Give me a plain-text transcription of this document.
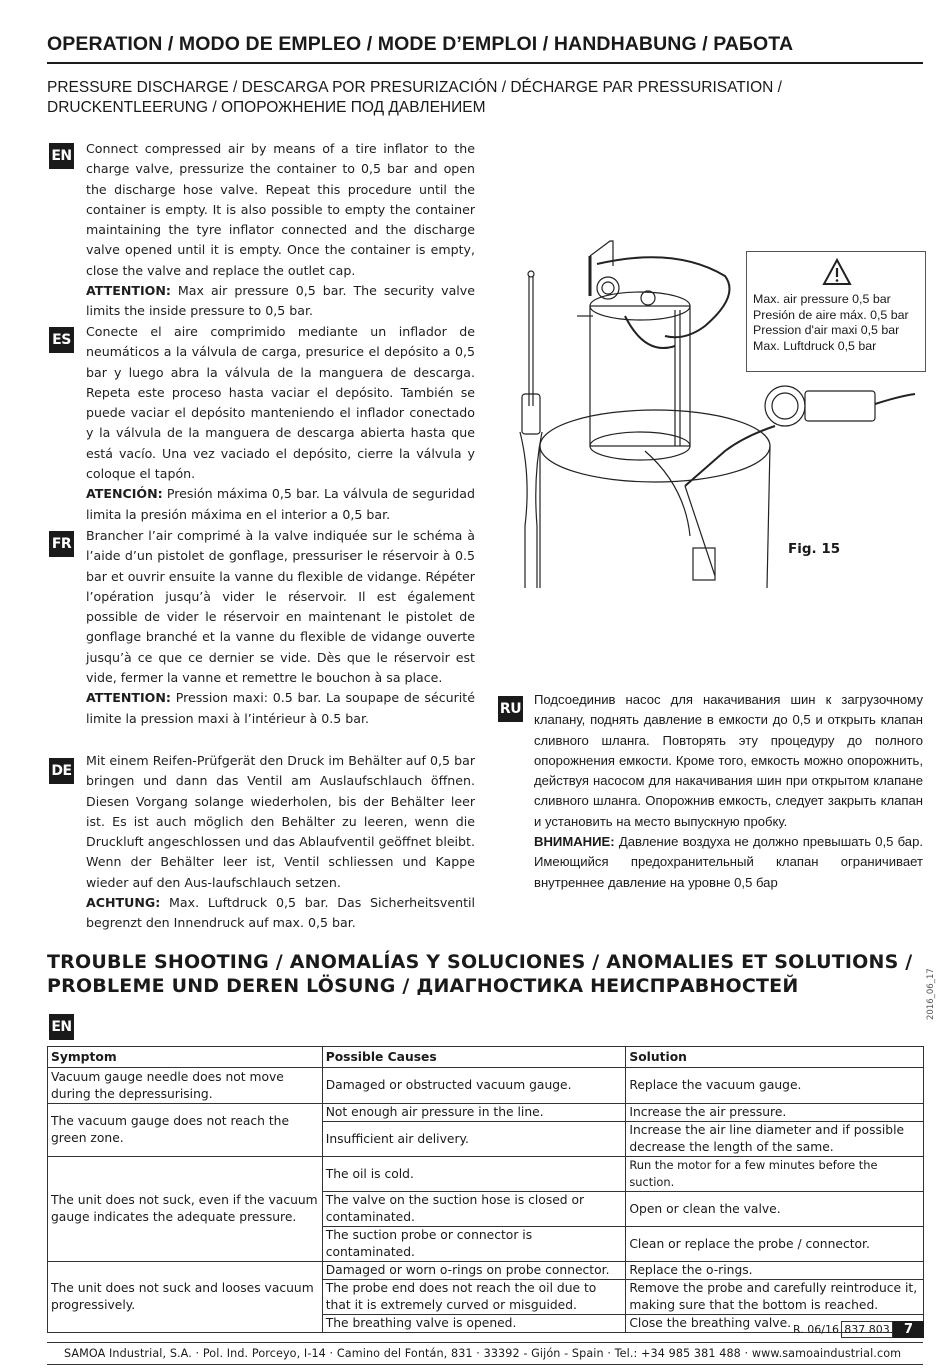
OPERATION / MODO DE EMPLEO / MODE D’EMPLOI / HANDHABUNG / РАБОТА
PRESSURE DISCHARGE / DESCARGA POR PRESURIZACIÓN / DÉCHARGE PAR PRESSURISATION /
DRUCKENTLEERUNG / ОПОРОЖНЕНИЕ ПОД ДАВЛЕНИЕМ
EN Connect compressed air by means of a tire inflator to the charge valve, pressurize the container to 0,5 bar and open the discharge hose valve. Repeat this procedure until the container is empty. It is also possible to empty the container maintaining the tyre inflator connected and the discharge valve opened until it is empty. Once the container is empty, close the valve and replace the outlet cap.
ATTENTION: Max air pressure 0,5 bar. The security valve limits the inside pressure to 0,5 bar.
ES
Conecte el aire comprimido mediante un inflador de neumáticos a la válvula de carga, presurice el depósito a 0,5 bar y luego abra la válvula de la manguera de descarga. Repeta este proceso hasta vaciar el depósito. También se puede vaciar el depósito manteniendo el inflador conectado y la válvula de la manguera de descarga abierta hasta que está vacío. Una vez vaciado el depósito, cierre la válvula y coloque el tapón.
ATENCIÓN: Presión máxima 0,5 bar. La válvula de seguridad limita la presión máxima en el interior a 0,5 bar.
FR
Brancher l’air comprimé à la valve indiquée sur le schéma à l’aide d’un pistolet de gonflage, pressuriser le réservoir à 0.5 bar et ouvrir ensuite la vanne du flexible de vidange. Répéter l’opération jusqu’à vider le réservoir. Il est également possible de vider le réservoir en maintenant le pistolet de gonflage branché et la vanne du flexible de vidange ouverte jusqu’à ce que ce dernier se vide. Dès que le réservoir est vide, fermer la vanne et remettre le bouchon à sa place.
ATTENTION: Pression maxi: 0.5 bar. La soupape de sécurité limite la pression maxi à l’intérieur à 0.5 bar.
DE
Mit einem Reifen-Prüfgerät den Druck im Behälter auf 0,5 bar bringen und dann das Ventil am Auslaufschlauch öffnen. Diesen Vorgang solange wiederholen, bis der Behälter leer ist. Es ist auch möglich den Behälter zu leeren, wenn die Druckluft angeschlossen und das Ablaufventil geöffnet bleibt. Wenn der Behälter leer ist, Ventil schliessen und Kappe wieder auf den Aus-laufschlauch setzen.
ACHTUNG: Max. Luftdruck 0,5 bar. Das Sicherheitsventil begrenzt den Innendruck auf max. 0,5 bar.
RU
Подсоединив насос для накачивания шин к загрузочному клапану, поднять давление в емкости до 0,5 и открыть клапан сливного шланга. Повторять эту процедуру до полного опорожнения емкости. Кроме того, емкость можно опорожнить, действуя насосом для накачивания шин при открытом клапане сливного шланга. Опорожнив емкость, следует закрыть клапан и установить на место выпускную пробку.
ВНИМАНИЕ: Давление воздуха не должно превышать 0,5 бар. Имеющийся предохранительный клапан ограничивает внутреннее давление на уровне 0,5 бар
Max. air pressure 0,5 bar
Presión de aire máx. 0,5 bar
Pression d'air maxi 0,5 bar
Max. Luftdruck 0,5 bar
Fig. 15
TROUBLE SHOOTING / ANOMALÍAS Y SOLUCIONES / ANOMALIES ET SOLUTIONS /
PROBLEME UND DEREN LÖSUNG / ДИАГНОСТИКА НЕИСПРАВНОСТЕЙ
EN
Symptom	Possible Causes	Solution
Vacuum gauge needle does not move during the depressurising.	Damaged or obstructed vacuum gauge.	Replace the vacuum gauge.
The vacuum gauge does not reach the green zone.	Not enough air pressure in the line.	Increase the air pressure.
	Insufficient air delivery.	Increase the air line diameter and if possible decrease the length of the same.
The unit does not suck, even if the vacuum gauge indicates the adequate pressure.	The oil is cold.	Run the motor for a few minutes before the suction.
	The valve on the suction hose is closed or contaminated.	Open or clean the valve.
	The suction probe or connector is contaminated.	Clean or replace the probe / connector.
The unit does not suck and looses vacuum progressively.	Damaged or worn o-rings on probe connector.	Replace the o-rings.
	The probe end does not reach the oil due to that it is extremely curved or misguided.	Remove the probe and carefully reintroduce it, making sure that the bottom is reached.
	The breathing valve is opened.	Close the breathing valve.
2016_06_17
R. 06/16 837 803	7
SAMOA Industrial, S.A. · Pol. Ind. Porceyo, I-14 · Camino del Fontán, 831 · 33392 - Gijón - Spain · Tel.: +34 985 381 488 · www.samoaindustrial.com
